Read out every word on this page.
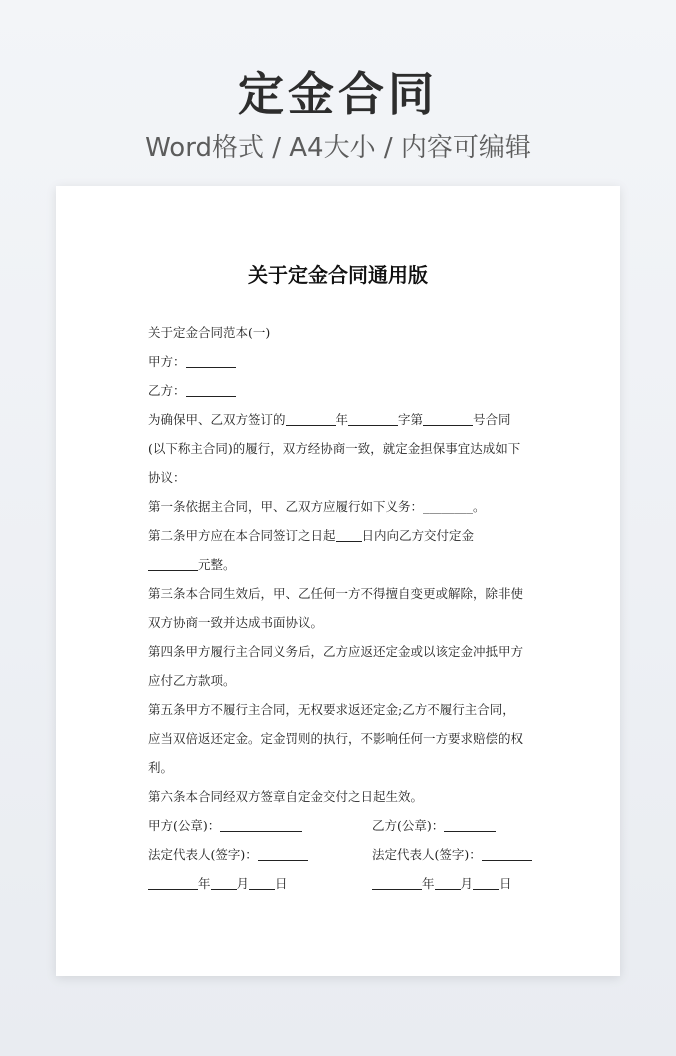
定金合同
Word格式 / A4大小 / 内容可编辑
关于定金合同通用版
关于定金合同范本(一)
甲方：
乙方：
为确保甲、乙双方签订的	年	字第	号合同
(以下称主合同)的履行，双方经协商一致，就定金担保事宜达成如下
协议：
第一条依据主合同，甲、乙双方应履行如下义务：________。
第二条甲方应在本合同签订之日起 日内向乙方交付定金
元整。
第三条本合同生效后，甲、乙任何一方不得擅自变更或解除，除非使
双方协商一致并达成书面协议。
第四条甲方履行主合同义务后，乙方应返还定金或以该定金冲抵甲方
应付乙方款项。
第五条甲方不履行主合同，无权要求返还定金;乙方不履行主合同，
应当双倍返还定金。定金罚则的执行，不影响任何一方要求赔偿的权
利。
第六条本合同经双方签章自定金交付之日起生效。
甲方(公章)：	乙方(公章)：
法定代表人(签字)：	法定代表人(签字)：
年 月 日	年 月 日
